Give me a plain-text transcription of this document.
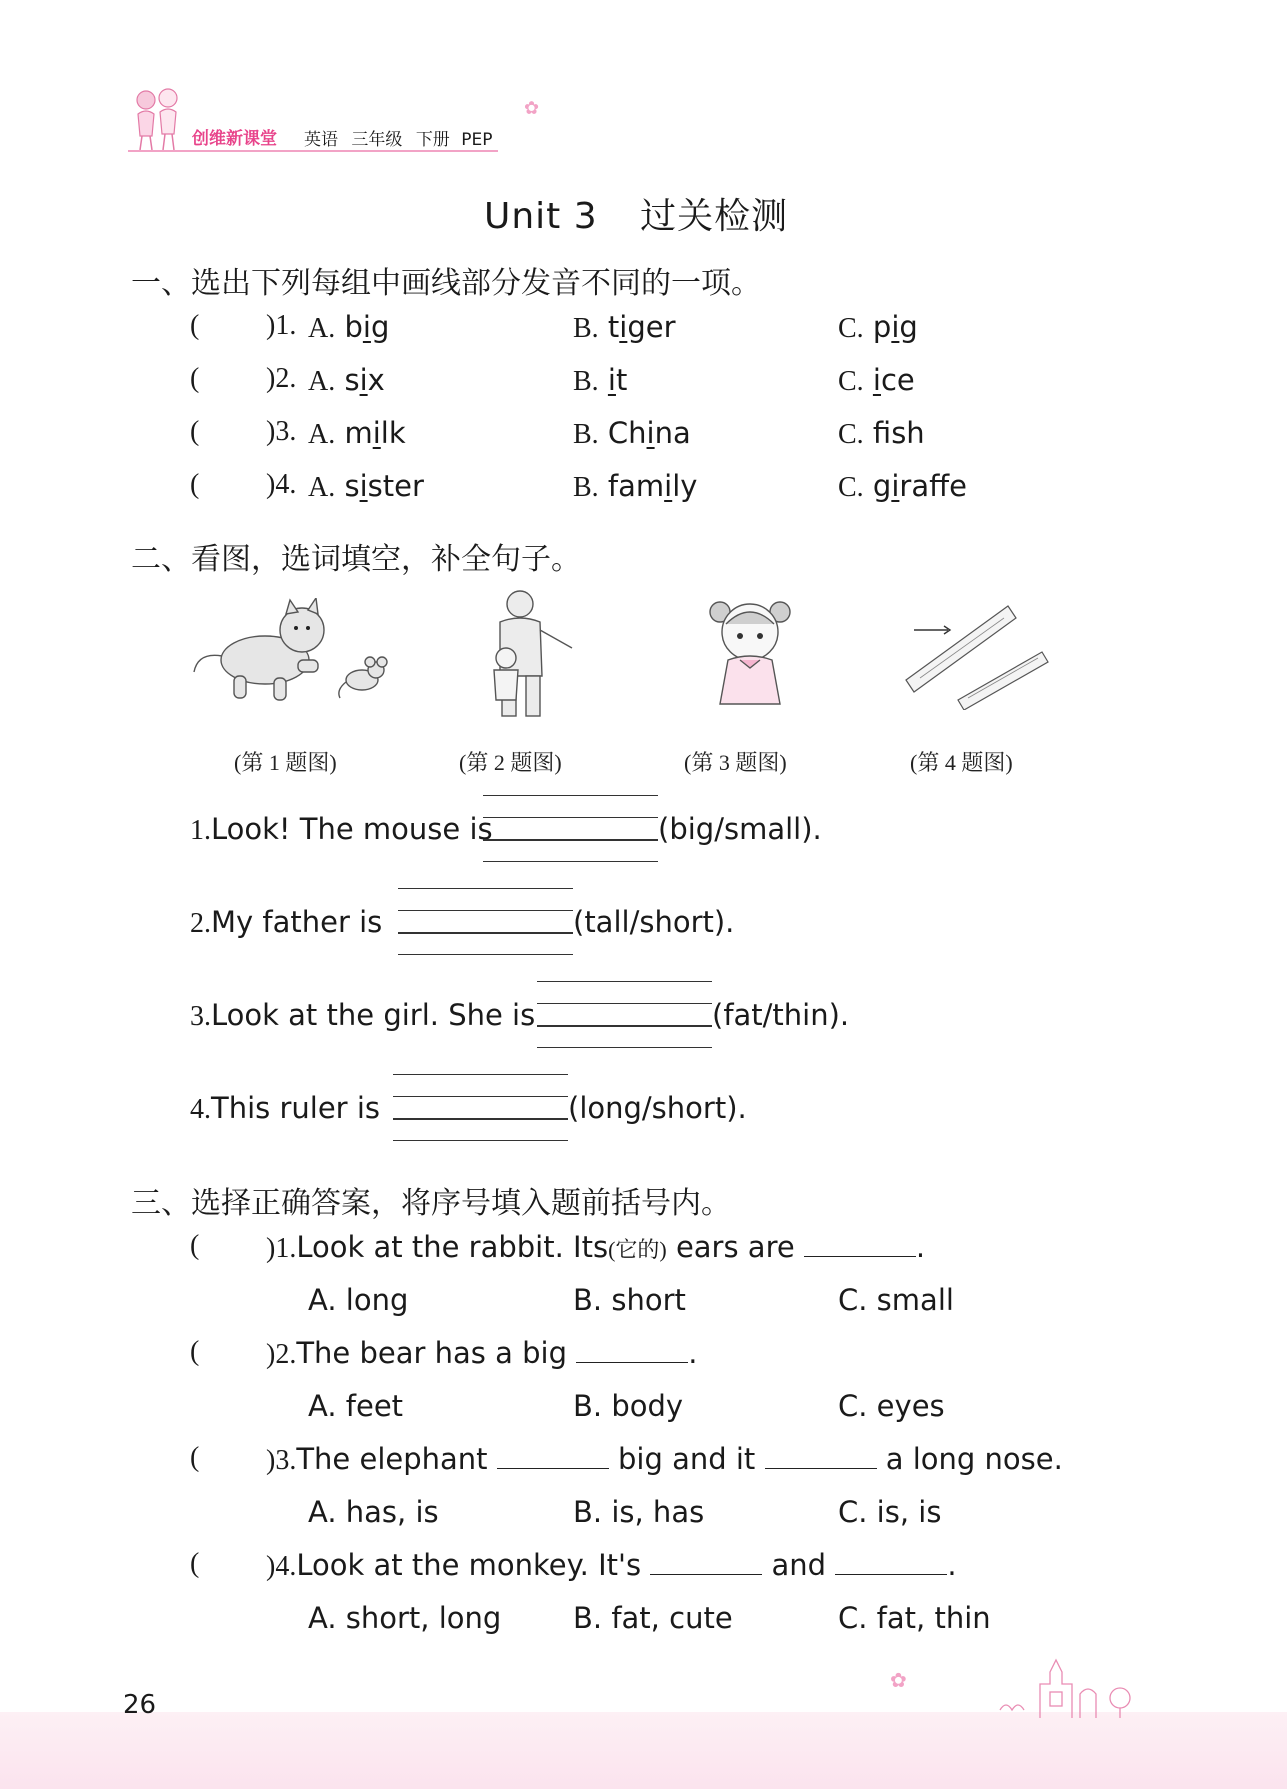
创维新课堂 英语 三年级 下册 PEP
✿
Unit 3 过关检测
一、选出下列每组中画线部分发音不同的一项。
( )1. A. big	B. tiger	C. pig
( )2. A. six	B. it	C. ice
( )3. A. milk	B. China	C. fsh
( )4. A. sister	B. family	C. giraffe
二、看图，选词填空，补全句子。
(第 1 题图)	(第 2 题图)	(第 3 题图)	(第 4 题图)
1.Look! The mouse is	(big/small).
2.My father is	(tall/short).
3.Look at the girl. She is	(fat/thin).
4.This ruler is	(long/short).
三、选择正确答案，将序号填入题前括号内。
( )1.Look at the rabbit. Its(它的) ears are	.
A. long	B. short	C. small
( )2.The bear has a big	.
A. feet	B. body	C. eyes
( )3.The elephant	big and it	a long nose.
A. has, is	B. is, has	C. is, is
( )4.Look at the monkey. It's	and	.
A. short, long B. fat, cute	C. fat, thin
26
✿
